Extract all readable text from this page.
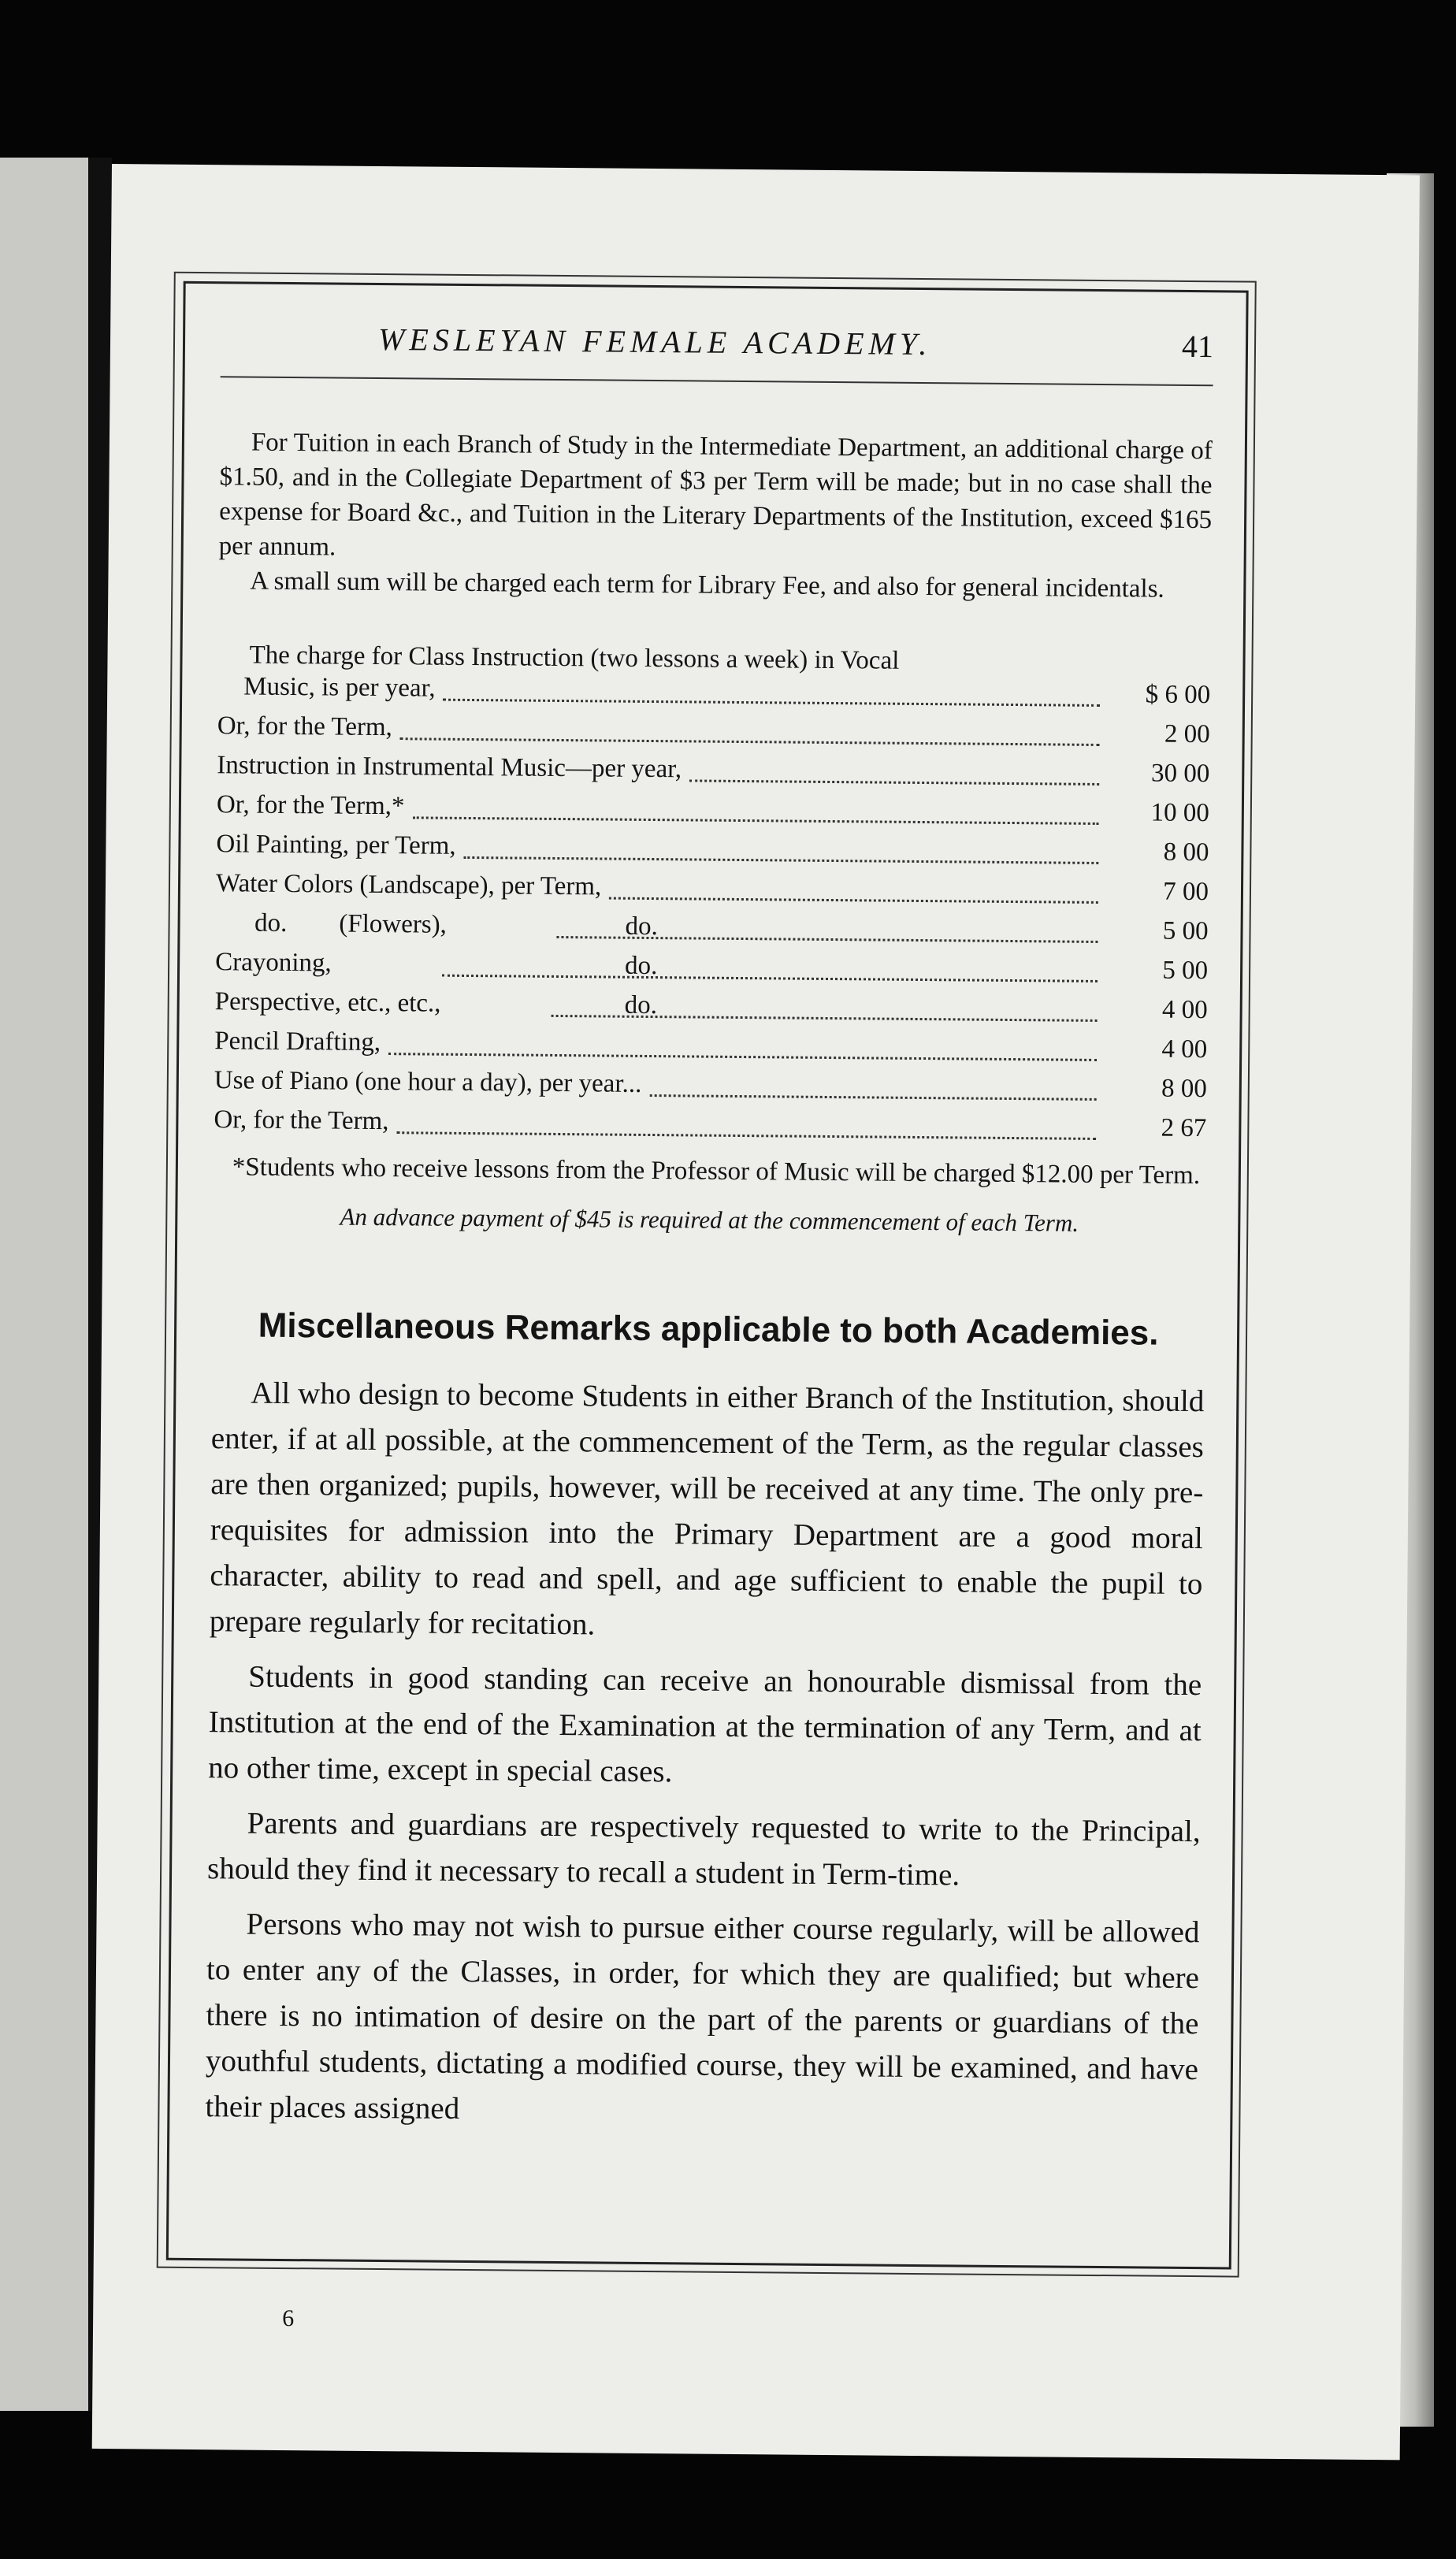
WESLEYAN FEMALE ACADEMY.	41

For Tuition in each Branch of Study in the Intermediate Department, an additional charge of $1.50, and in the Collegiate Department of $3 per Term will be made; but in no case shall the expense for Board &c., and Tuition in the Literary Departments of the Institution, exceed $165 per annum.

A small sum will be charged each term for Library Fee, and also for general incidentals.

The charge for Class Instruction (two lessons a week) in Vocal
Music, is per year,	$ 6 00
Or, for the Term,	2 00
Instruction in Instrumental Music—per year,	30 00
Or, for the Term,*	10 00
Oil Painting, per Term,	8 00
Water Colors (Landscape), per Term,	7 00
do.        (Flowers),	do.	5 00
Crayoning,	do.	5 00
Perspective, etc., etc.,	do.	4 00
Pencil Drafting,	4 00
Use of Piano (one hour a day), per year...	8 00
Or, for the Term,	2 67

*Students who receive lessons from the Professor of Music will be charged $12.00 per Term.

An advance payment of $45 is required at the commencement of each Term.

Miscellaneous Remarks applicable to both Academies.

All who design to become Students in either Branch of the Institution, should enter, if at all possible, at the commencement of the Term, as the regular classes are then organized; pupils, however, will be received at any time. The only pre-requisites for admission into the Primary Department are a good moral character, ability to read and spell, and age sufficient to enable the pupil to prepare regularly for recitation.

Students in good standing can receive an honourable dismissal from the Institution at the end of the Examination at the termination of any Term, and at no other time, except in special cases.

Parents and guardians are respectively requested to write to the Principal, should they find it necessary to recall a student in Term-time.

Persons who may not wish to pursue either course regularly, will be allowed to enter any of the Classes, in order, for which they are qualified; but where there is no intimation of desire on the part of the parents or guardians of the youthful students, dictating a modified course, they will be examined, and have their places assigned

6
